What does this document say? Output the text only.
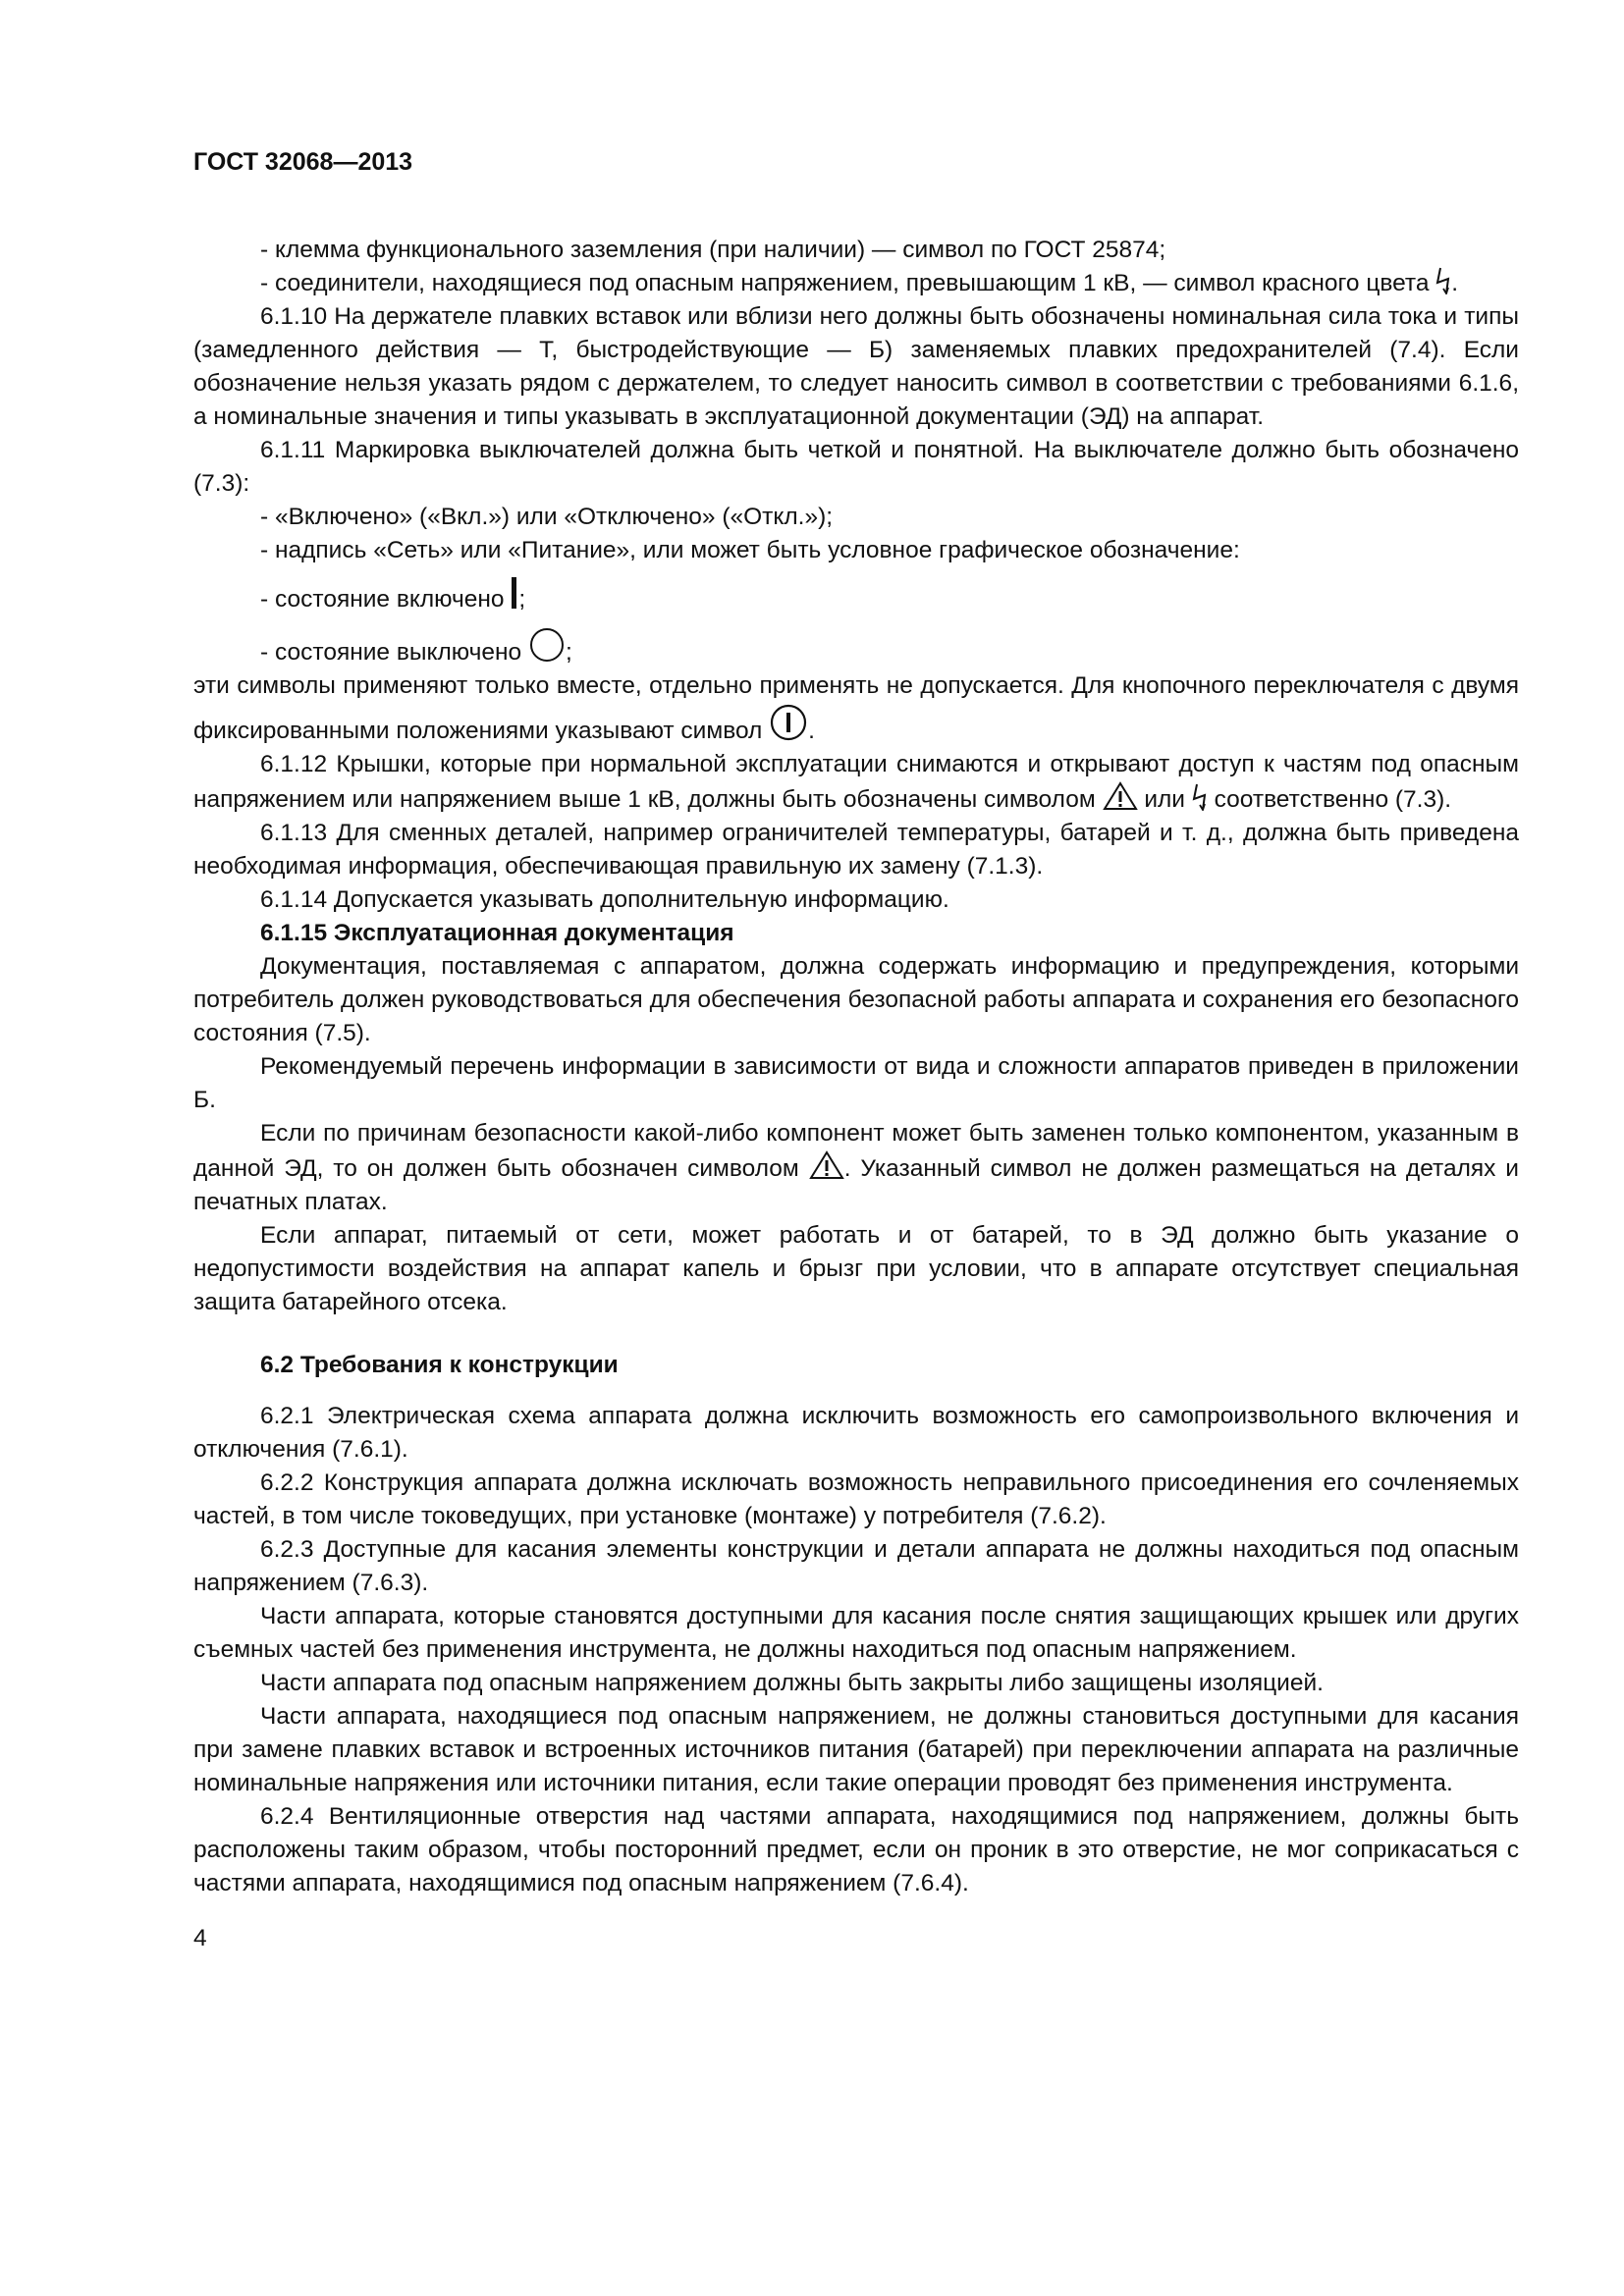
ГОСТ 32068—2013

- клемма функционального заземления (при наличии) — символ по ГОСТ 25874;

- соединители, находящиеся под опасным напряжением, превышающим 1 кВ, — символ красного цвета .

6.1.10 На держателе плавких вставок или вблизи него должны быть обозначены номинальная сила тока и типы (замедленного действия — Т, быстродействующие — Б) заменяемых плавких предохранителей (7.4). Если обозначение нельзя указать рядом с держателем, то следует наносить символ в соответствии с требованиями 6.1.6, а номинальные значения и типы указывать в эксплуатационной документации (ЭД) на аппарат.

6.1.11 Маркировка выключателей должна быть четкой и понятной. На выключателе должно быть обозначено (7.3):

- «Включено» («Вкл.») или «Отключено» («Откл.»);

- надпись «Сеть» или «Питание», или может быть условное графическое обозначение:

- состояние включено ;

- состояние выключено ;

эти символы применяют только вместе, отдельно применять не допускается. Для кнопочного переключателя с двумя фиксированными положениями указывают символ .

6.1.12 Крышки, которые при нормальной эксплуатации снимаются и открывают доступ к частям под опасным напряжением или напряжением выше 1 кВ, должны быть обозначены символом или соответственно (7.3).

6.1.13 Для сменных деталей, например ограничителей температуры, батарей и т. д., должна быть приведена необходимая информация, обеспечивающая правильную их замену (7.1.3).

6.1.14 Допускается указывать дополнительную информацию.

6.1.15 Эксплуатационная документация

Документация, поставляемая с аппаратом, должна содержать информацию и предупреждения, которыми потребитель должен руководствоваться для обеспечения безопасной работы аппарата и сохранения его безопасного состояния (7.5).

Рекомендуемый перечень информации в зависимости от вида и сложности аппаратов приведен в приложении Б.

Если по причинам безопасности какой-либо компонент может быть заменен только компонентом, указанным в данной ЭД, то он должен быть обозначен символом . Указанный символ не должен размещаться на деталях и печатных платах.

Если аппарат, питаемый от сети, может работать и от батарей, то в ЭД должно быть указание о недопустимости воздействия на аппарат капель и брызг при условии, что в аппарате отсутствует специальная защита батарейного отсека.

6.2 Требования к конструкции

6.2.1 Электрическая схема аппарата должна исключить возможность его самопроизвольного включения и отключения (7.6.1).

6.2.2 Конструкция аппарата должна исключать возможность неправильного присоединения его сочленяемых частей, в том числе токоведущих, при установке (монтаже) у потребителя (7.6.2).

6.2.3 Доступные для касания элементы конструкции и детали аппарата не должны находиться под опасным напряжением (7.6.3).

Части аппарата, которые становятся доступными для касания после снятия защищающих крышек или других съемных частей без применения инструмента, не должны находиться под опасным напряжением.

Части аппарата под опасным напряжением должны быть закрыты либо защищены изоляцией.

Части аппарата, находящиеся под опасным напряжением, не должны становиться доступными для касания при замене плавких вставок и встроенных источников питания (батарей) при переключении аппарата на различные номинальные напряжения или источники питания, если такие операции проводят без применения инструмента.

6.2.4 Вентиляционные отверстия над частями аппарата, находящимися под напряжением, должны быть расположены таким образом, чтобы посторонний предмет, если он проник в это отверстие, не мог соприкасаться с частями аппарата, находящимися под опасным напряжением (7.6.4).

4
